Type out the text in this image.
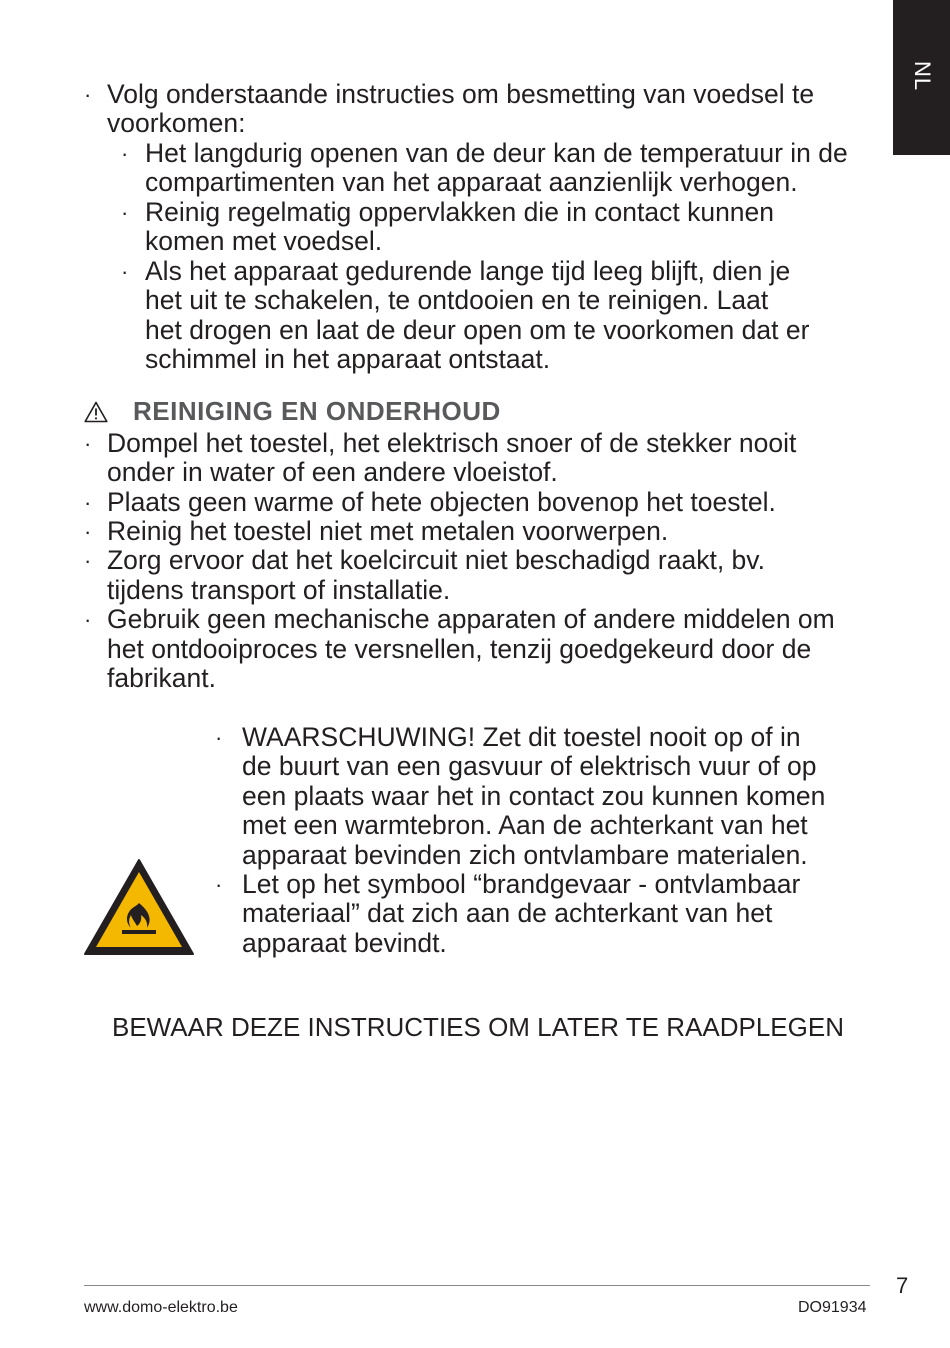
NL
· Volg onderstaande instructies om besmetting van voedsel te
voorkomen:
· Het langdurig openen van de deur kan de temperatuur in de
compartimenten van het apparaat aanzienlijk verhogen.
· Reinig regelmatig oppervlakken die in contact kunnen
komen met voedsel.
· Als het apparaat gedurende lange tijd leeg blijft, dien je
het uit te schakelen, te ontdooien en te reinigen. Laat
het drogen en laat de deur open om te voorkomen dat er
schimmel in het apparaat ontstaat.
REINIGING EN ONDERHOUD
· Dompel het toestel, het elektrisch snoer of de stekker nooit
onder in water of een andere vloeistof.
· Plaats geen warme of hete objecten bovenop het toestel.
· Reinig het toestel niet met metalen voorwerpen.
· Zorg ervoor dat het koelcircuit niet beschadigd raakt, bv.
tijdens transport of installatie.
· Gebruik geen mechanische apparaten of andere middelen om
het ontdooiproces te versnellen, tenzij goedgekeurd door de
fabrikant.
· WAARSCHUWING! Zet dit toestel nooit op of in
de buurt van een gasvuur of elektrisch vuur of op
een plaats waar het in contact zou kunnen komen
met een warmtebron. Aan de achterkant van het
apparaat bevinden zich ontvlambare materialen.
· Let op het symbool “brandgevaar - ontvlambaar
materiaal” dat zich aan de achterkant van het
apparaat bevindt.
BEWAAR DEZE INSTRUCTIES OM LATER TE RAADPLEGEN
7
www.domo-elektro.be	DO91934
